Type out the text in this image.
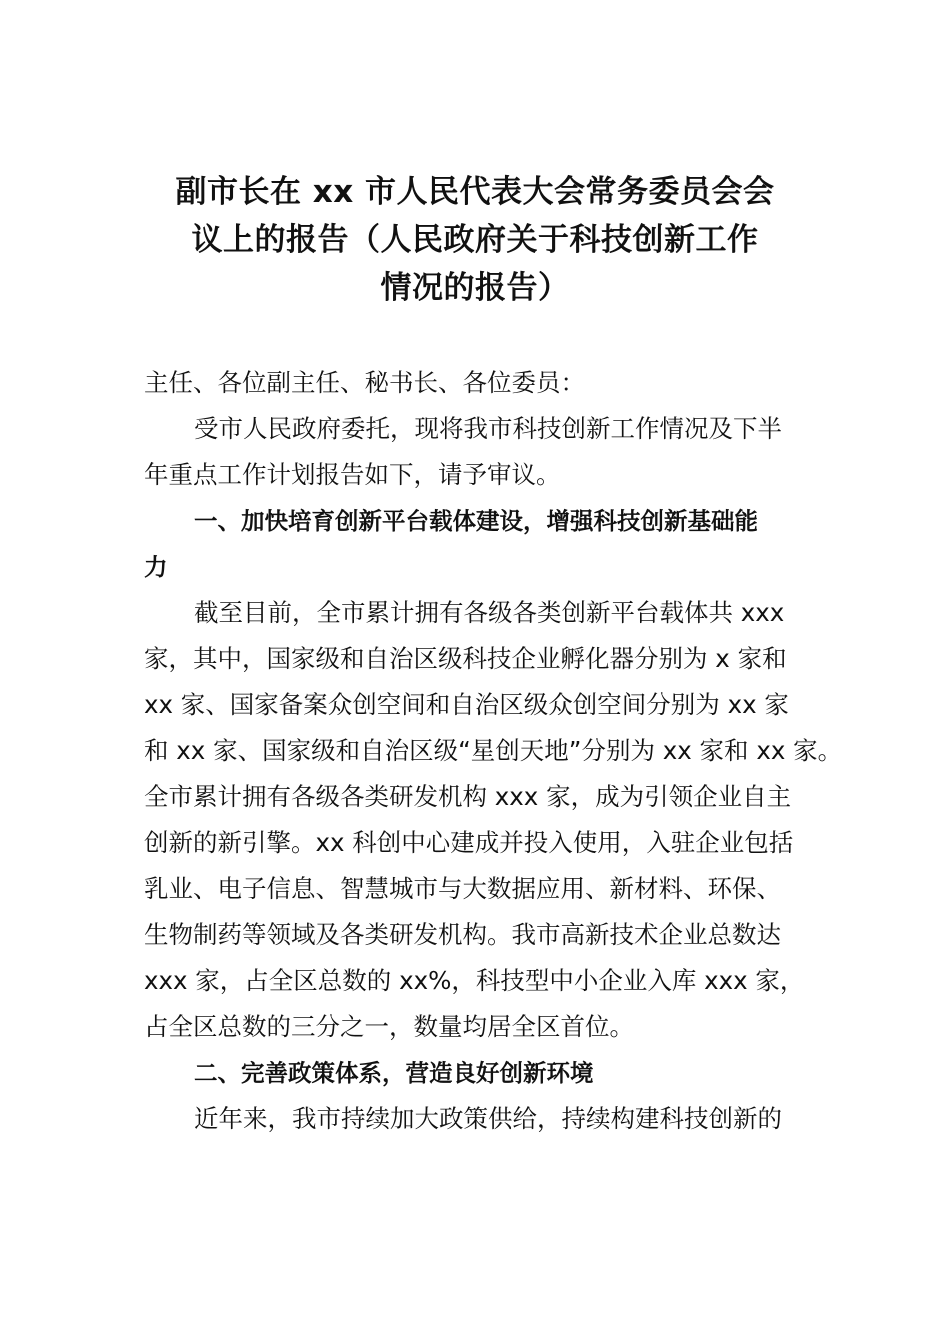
副市长在 xx 市人民代表大会常务委员会会
议上的报告（人民政府关于科技创新工作
情况的报告）
主任、各位副主任、秘书长、各位委员：
受市人民政府委托，现将我市科技创新工作情况及下半
年重点工作计划报告如下，请予审议。
一、加快培育创新平台载体建设，增强科技创新基础能
力
截至目前，全市累计拥有各级各类创新平台载体共 xxx
家，其中，国家级和自治区级科技企业孵化器分别为 x 家和
xx 家、国家备案众创空间和自治区级众创空间分别为 xx 家
和 xx 家、国家级和自治区级“星创天地”分别为 xx 家和 xx 家。
全市累计拥有各级各类研发机构 xxx 家，成为引领企业自主
创新的新引擎。xx 科创中心建成并投入使用，入驻企业包括
乳业、电子信息、智慧城市与大数据应用、新材料、环保、
生物制药等领域及各类研发机构。我市高新技术企业总数达
xxx 家，占全区总数的 xx%，科技型中小企业入库 xxx 家，
占全区总数的三分之一，数量均居全区首位。
二、完善政策体系，营造良好创新环境
近年来，我市持续加大政策供给，持续构建科技创新的
